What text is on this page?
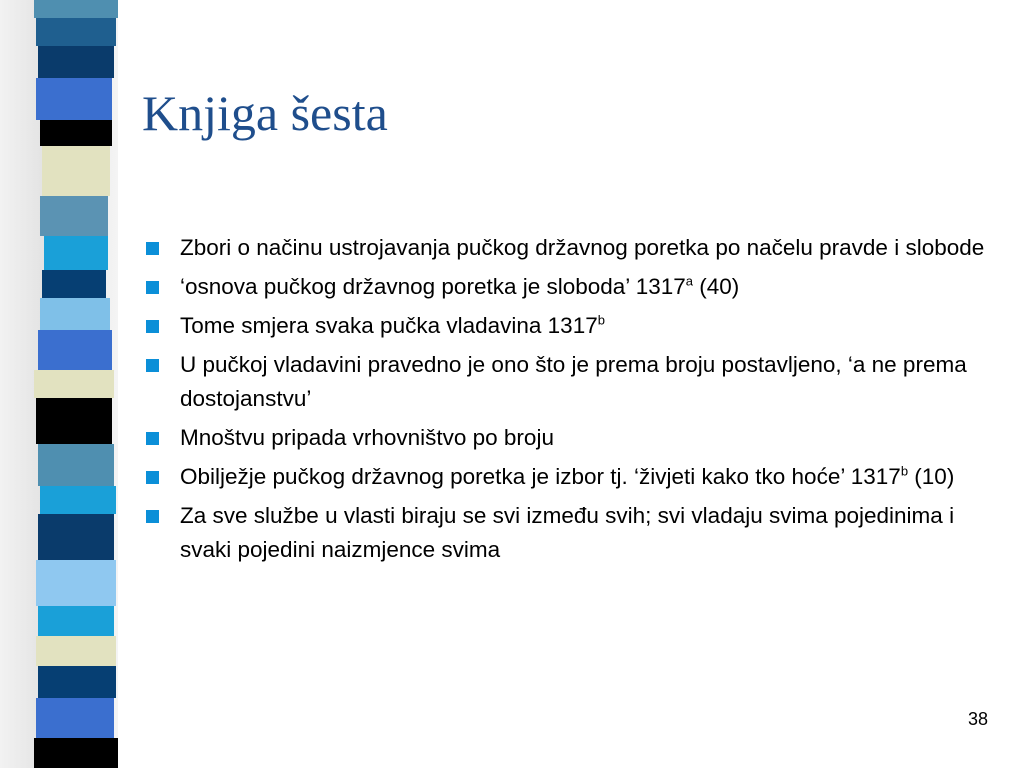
Knjiga šesta
Zbori o načinu ustrojavanja pučkog državnog poretka po načelu pravde i slobode
‘osnova pučkog državnog poretka je sloboda’ 1317$^a$ (40)
Tome smjera svaka pučka vladavina 1317$^b$
U pučkoj vladavini pravedno je ono što je prema broju postavljeno, ‘a ne prema dostojanstvu’
Mnoštvu pripada vrhovništvo po broju
Obilježje pučkog državnog poretka je izbor tj. ‘živjeti kako tko hoće’ 1317$^b$ (10)
Za sve službe u vlasti biraju se svi između svih; svi vladaju svima pojedinima i svaki pojedini naizmjence svima
38
